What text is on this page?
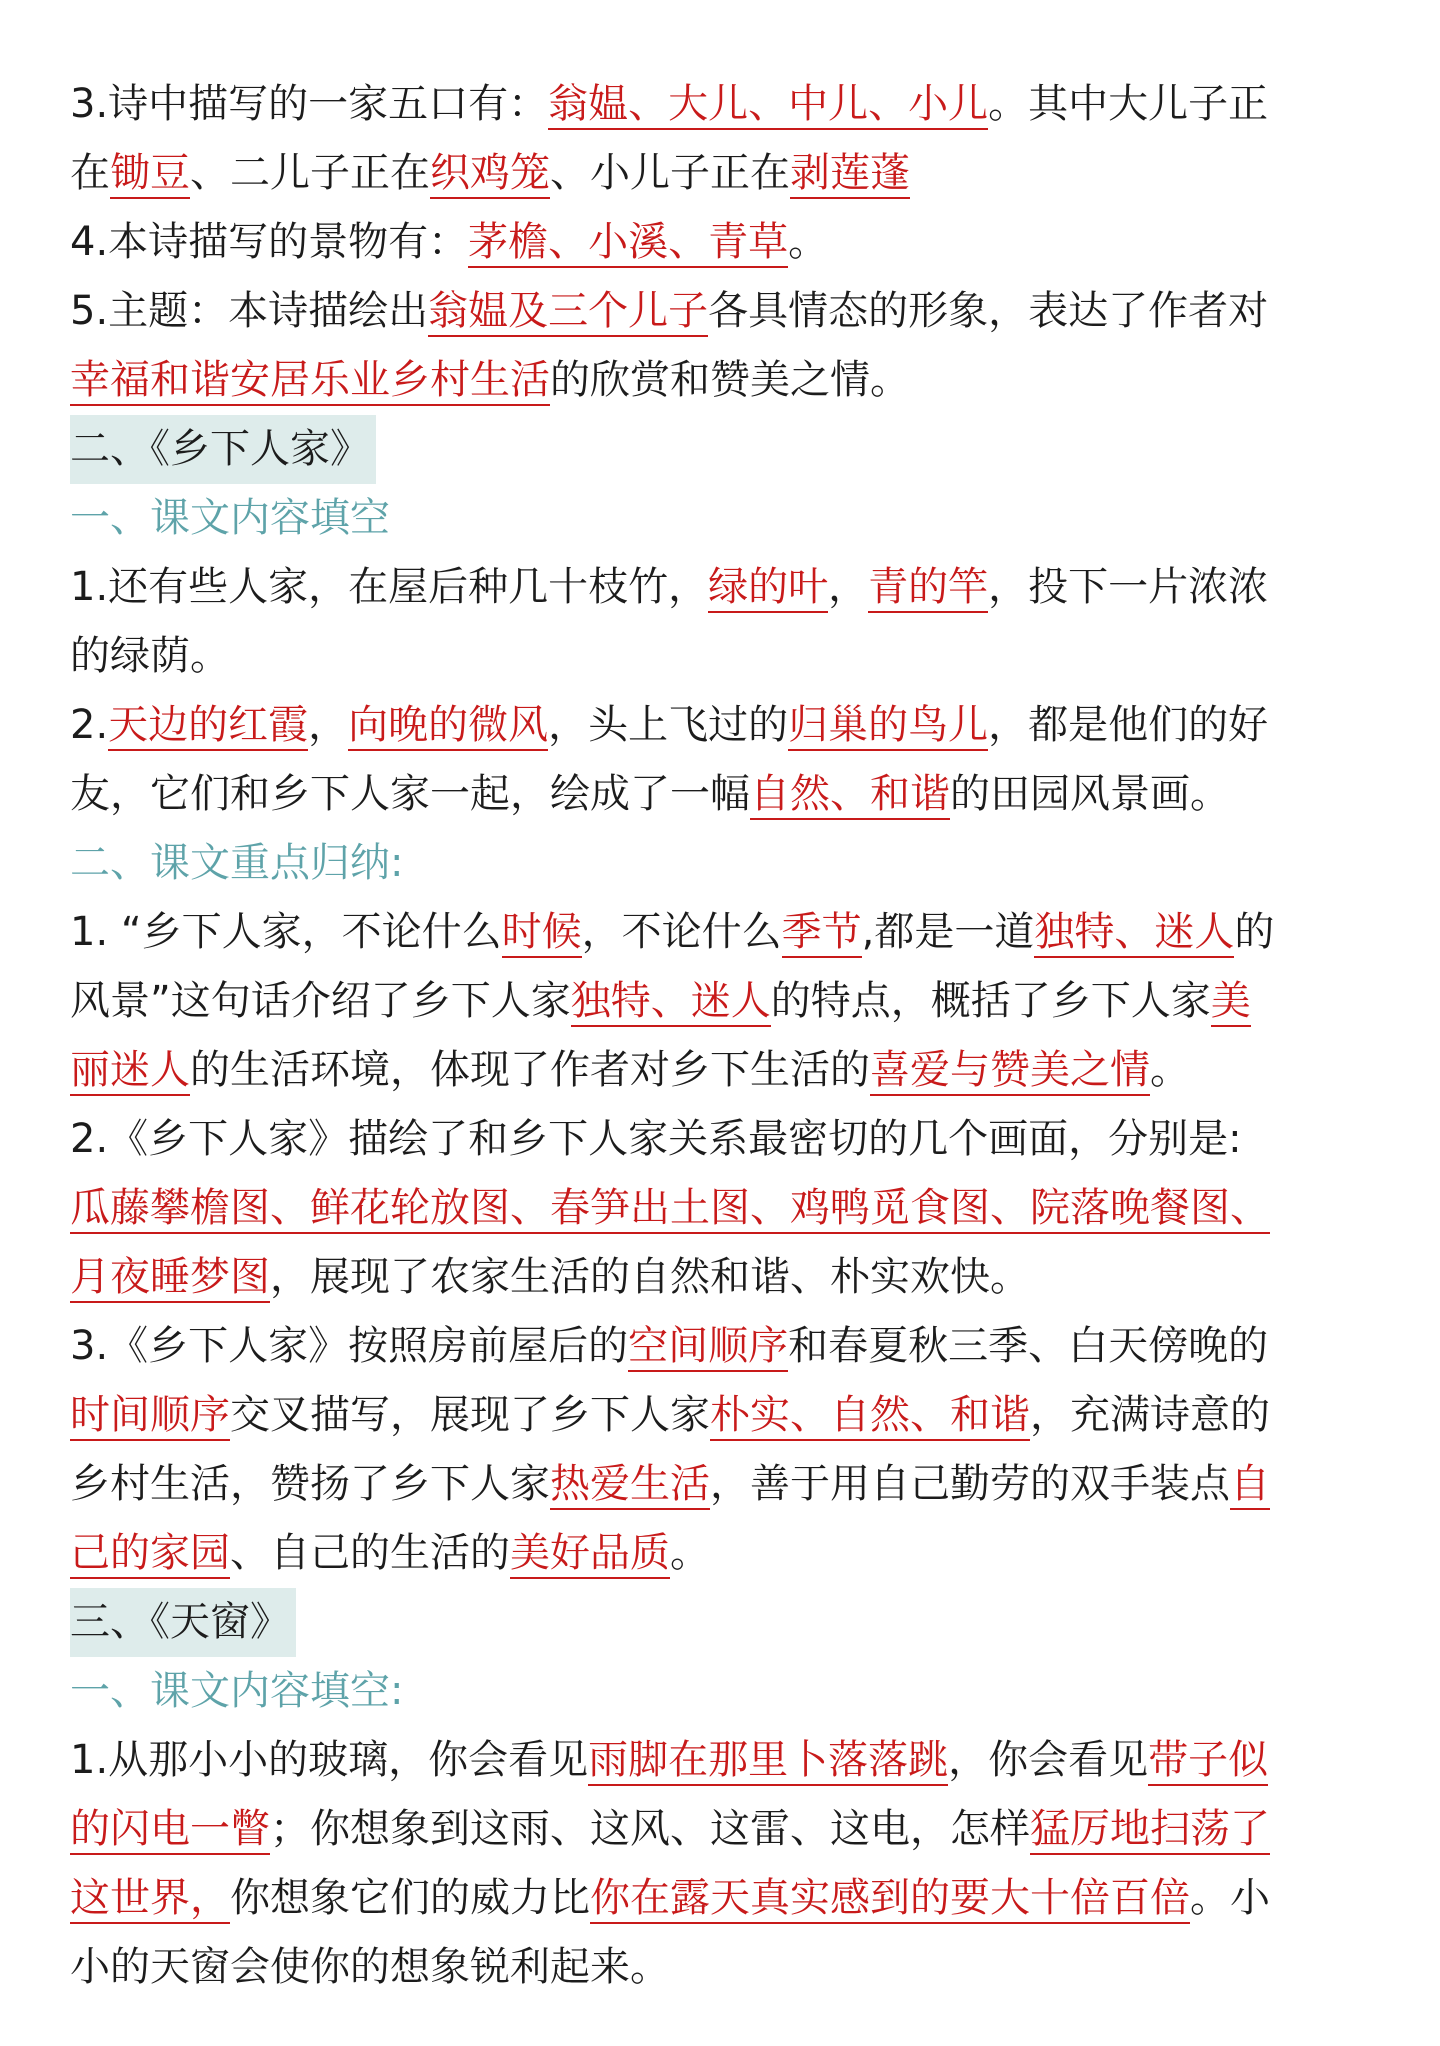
3.诗中描写的一家五口有：翁媪、大儿、中儿、小儿。其中大儿子正
在锄豆、二儿子正在织鸡笼、小儿子正在剥莲蓬
4.本诗描写的景物有：茅檐、小溪、青草。
5.主题：本诗描绘出翁媪及三个儿子各具情态的形象，表达了作者对
幸福和谐安居乐业乡村生活的欣赏和赞美之情。
二、《乡下人家》
一、课文内容填空
1.还有些人家，在屋后种几十枝竹，绿的叶，青的竿，投下一片浓浓
的绿荫。
2.天边的红霞，向晚的微风，头上飞过的归巢的鸟儿，都是他们的好
友，它们和乡下人家一起，绘成了一幅自然、和谐的田园风景画。
二、课文重点归纳:
1. “乡下人家，不论什么时候，不论什么季节,都是一道独特、迷人的
风景”这句话介绍了乡下人家独特、迷人的特点，概括了乡下人家美
丽迷人的生活环境，体现了作者对乡下生活的喜爱与赞美之情。
2.《乡下人家》描绘了和乡下人家关系最密切的几个画面，分别是:
瓜藤攀檐图、鲜花轮放图、春笋出土图、鸡鸭觅食图、院落晚餐图、
月夜睡梦图，展现了农家生活的自然和谐、朴实欢快。
3.《乡下人家》按照房前屋后的空间顺序和春夏秋三季、白天傍晚的
时间顺序交叉描写，展现了乡下人家朴实、自然、和谐，充满诗意的
乡村生活，赞扬了乡下人家热爱生活，善于用自己勤劳的双手装点自
己的家园、自己的生活的美好品质。
三、《天窗》
一、课文内容填空:
1.从那小小的玻璃，你会看见雨脚在那里卜落落跳，你会看见带子似
的闪电一瞥；你想象到这雨、这风、这雷、这电，怎样猛厉地扫荡了
这世界，你想象它们的威力比你在露天真实感到的要大十倍百倍。小
小的天窗会使你的想象锐利起来。
